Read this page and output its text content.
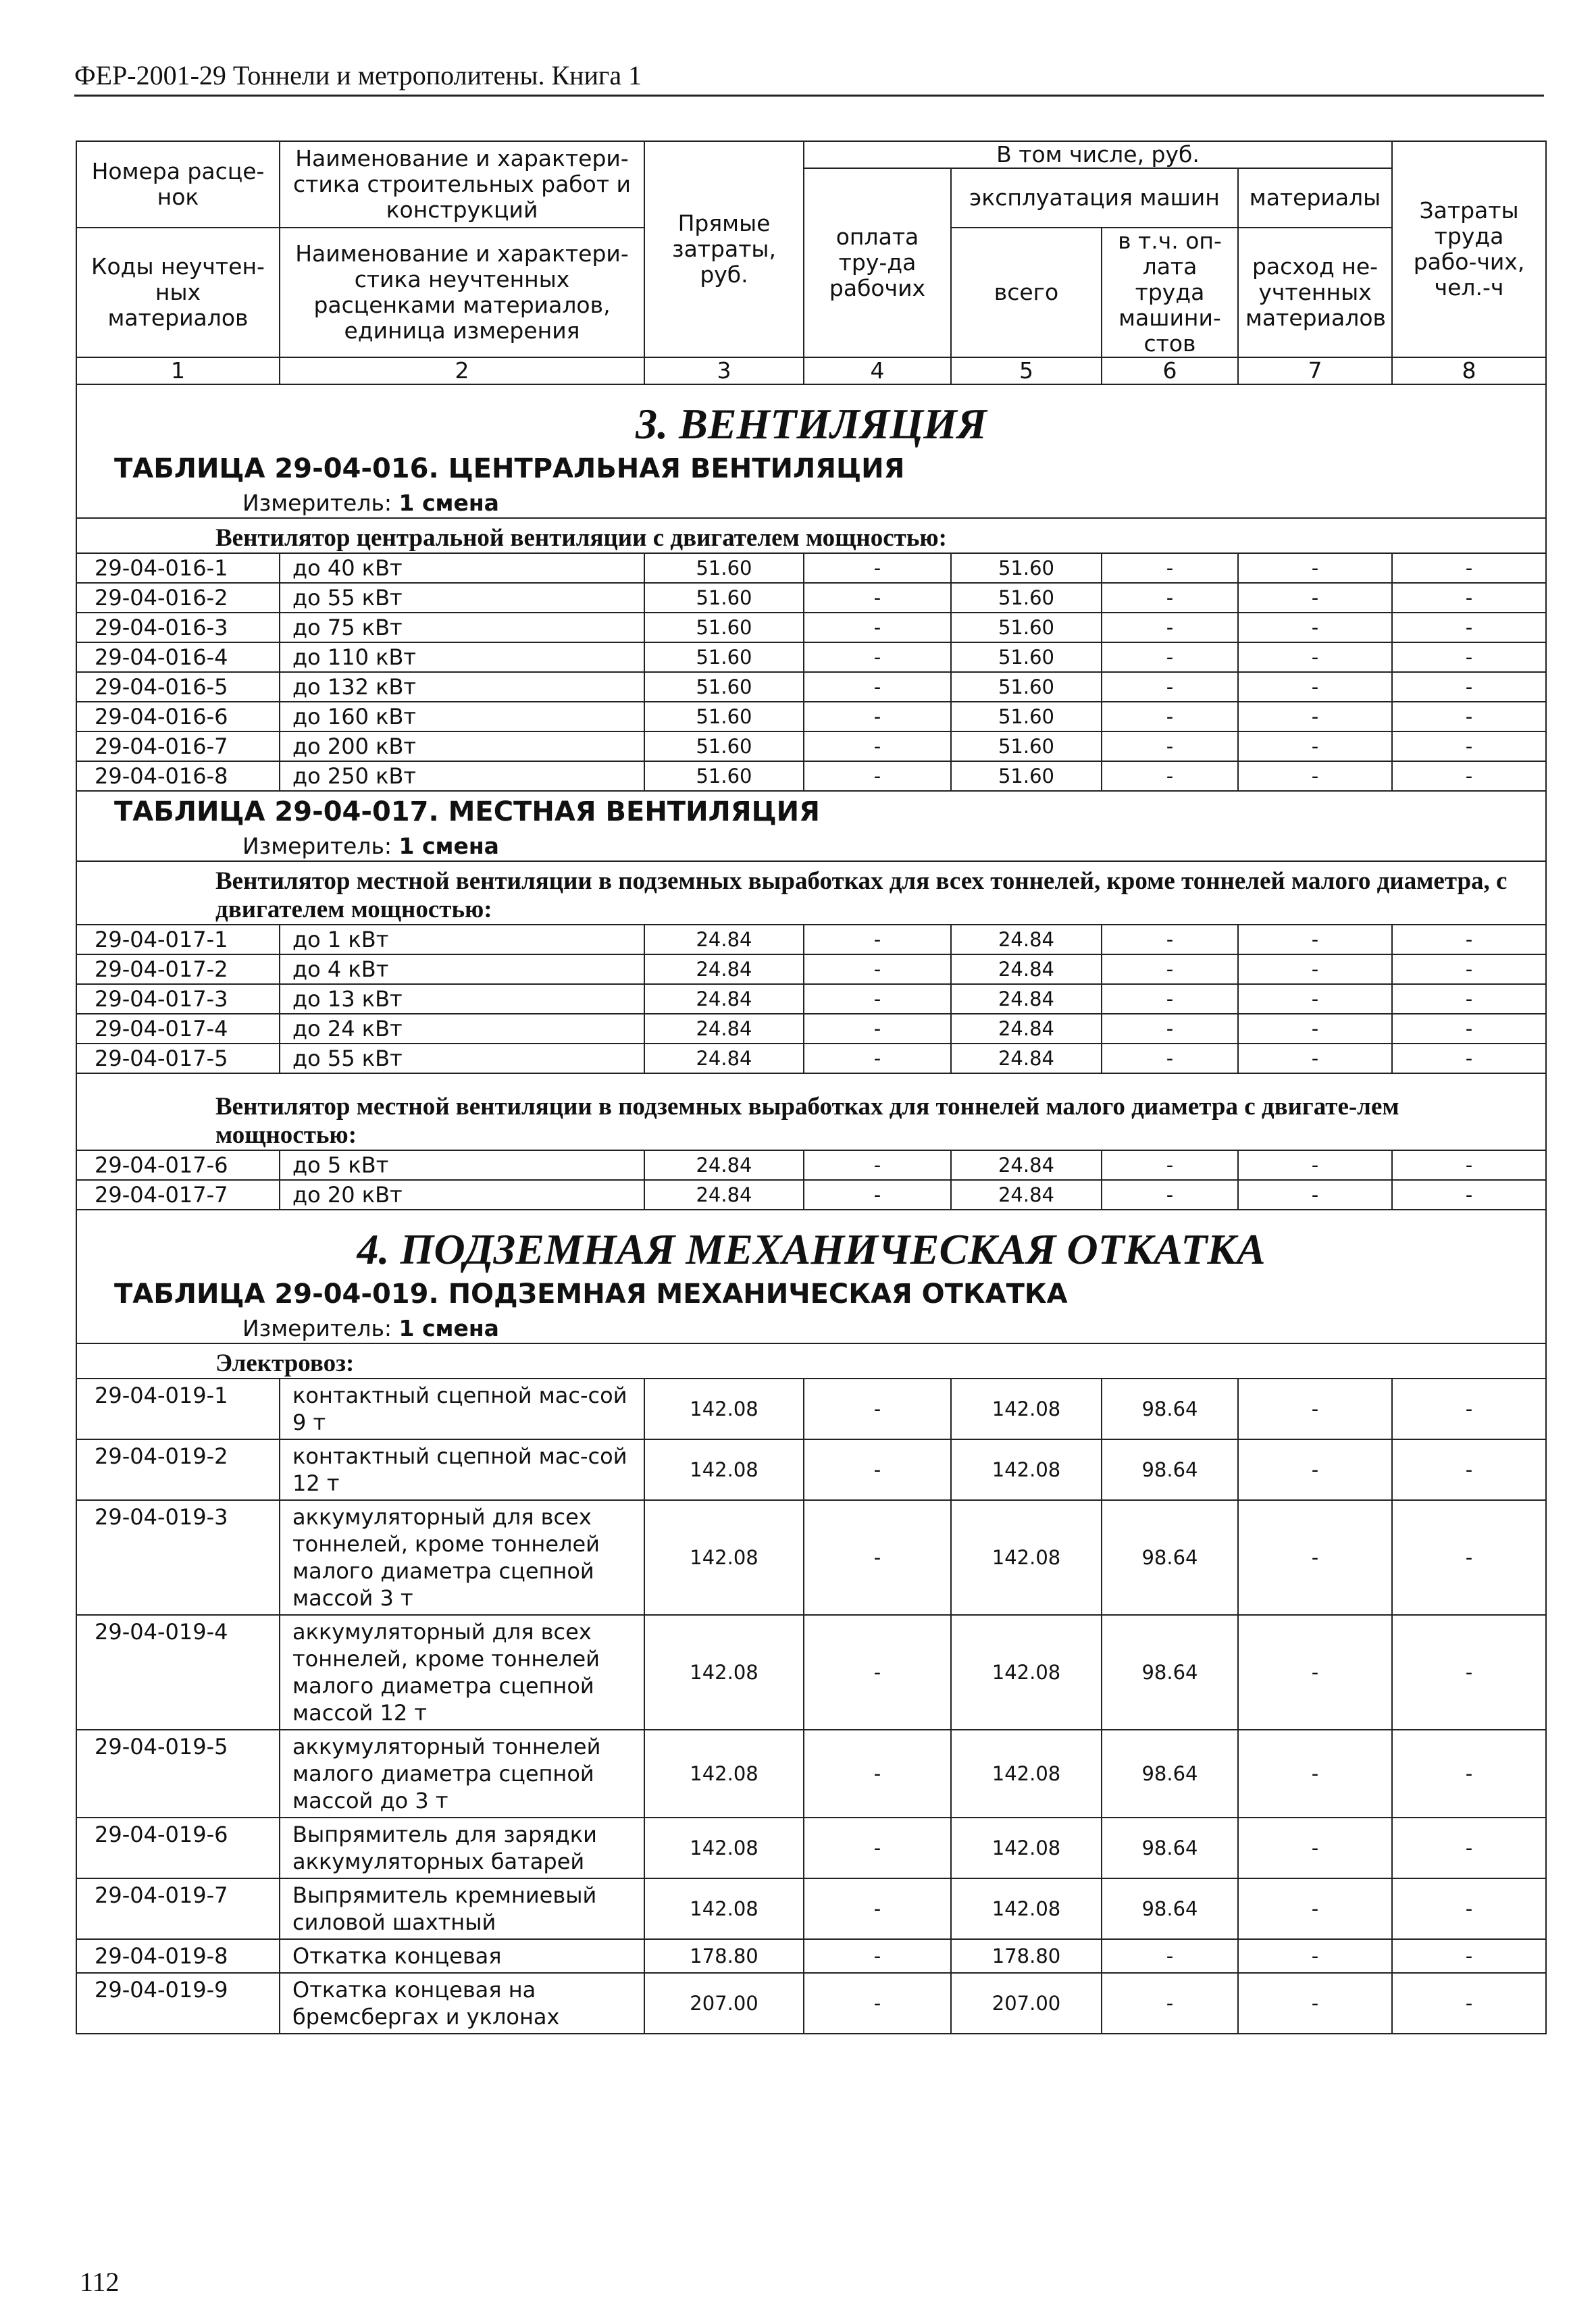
ФЕР-2001-29 Тоннели и метрополитены. Книга 1
Номера расце-нок	Наименование и характери-стика строительных работ и конструкций	Прямые затраты, руб.	В том числе, руб.				Затраты труда рабо-чих, чел.-ч
			оплата тру-да рабочих	эксплуатация машин		материалы	
Коды неучтен-ных материалов	Наименование и характери-стика неучтенных расценками материалов, единица измерения			всего	в т.ч. оп-лата труда машини-стов	расход не-учтенных материалов	

1	2	3	4	5	6	7	8

3. ВЕНТИЛЯЦИЯ
ТАБЛИЦА 29-04-016. ЦЕНТРАЛЬНАЯ ВЕНТИЛЯЦИЯ
Измеритель: 1 смена							

Вентилятор центральной вентиляции с двигателем мощностью:							
29-04-016-1	до 40 кВт	51.60	-	51.60	-	-	-
29-04-016-2	до 55 кВт	51.60	-	51.60	-	-	-
29-04-016-3	до 75 кВт	51.60	-	51.60	-	-	-
29-04-016-4	до 110 кВт	51.60	-	51.60	-	-	-
29-04-016-5	до 132 кВт	51.60	-	51.60	-	-	-
29-04-016-6	до 160 кВт	51.60	-	51.60	-	-	-
29-04-016-7	до 200 кВт	51.60	-	51.60	-	-	-
29-04-016-8	до 250 кВт	51.60	-	51.60	-	-	-

ТАБЛИЦА 29-04-017. МЕСТНАЯ ВЕНТИЛЯЦИЯ
Измеритель: 1 смена							

Вентилятор местной вентиляции в подземных выработках для всех тоннелей, кроме тоннелей малого диаметра, с двигателем мощностью:							
29-04-017-1	до 1 кВт	24.84	-	24.84	-	-	-
29-04-017-2	до 4 кВт	24.84	-	24.84	-	-	-
29-04-017-3	до 13 кВт	24.84	-	24.84	-	-	-
29-04-017-4	до 24 кВт	24.84	-	24.84	-	-	-
29-04-017-5	до 55 кВт	24.84	-	24.84	-	-	-
Вентилятор местной вентиляции в подземных выработках для тоннелей малого диаметра с двигате-лем мощностью:							
29-04-017-6	до 5 кВт	24.84	-	24.84	-	-	-
29-04-017-7	до 20 кВт	24.84	-	24.84	-	-	-

4. ПОДЗЕМНАЯ МЕХАНИЧЕСКАЯ ОТКАТКА
ТАБЛИЦА 29-04-019. ПОДЗЕМНАЯ МЕХАНИЧЕСКАЯ ОТКАТКА
Измеритель: 1 смена							

Электровоз:							
29-04-019-1	контактный сцепной мас-сой 9 т	142.08	-	142.08	98.64	-	-
29-04-019-2	контактный сцепной мас-сой 12 т	142.08	-	142.08	98.64	-	-
29-04-019-3	аккумуляторный для всех тоннелей, кроме тоннелей малого диаметра сцепной массой 3 т	142.08	-	142.08	98.64	-	-
29-04-019-4	аккумуляторный для всех тоннелей, кроме тоннелей малого диаметра сцепной массой 12 т	142.08	-	142.08	98.64	-	-
29-04-019-5	аккумуляторный тоннелей малого диаметра сцепной массой до 3 т	142.08	-	142.08	98.64	-	-
29-04-019-6	Выпрямитель для зарядки аккумуляторных батарей	142.08	-	142.08	98.64	-	-
29-04-019-7	Выпрямитель кремниевый силовой шахтный	142.08	-	142.08	98.64	-	-
29-04-019-8	Откатка концевая	178.80	-	178.80	-	-	-
29-04-019-9	Откатка концевая на бремсбергах и уклонах	207.00	-	207.00	-	-	-
112
